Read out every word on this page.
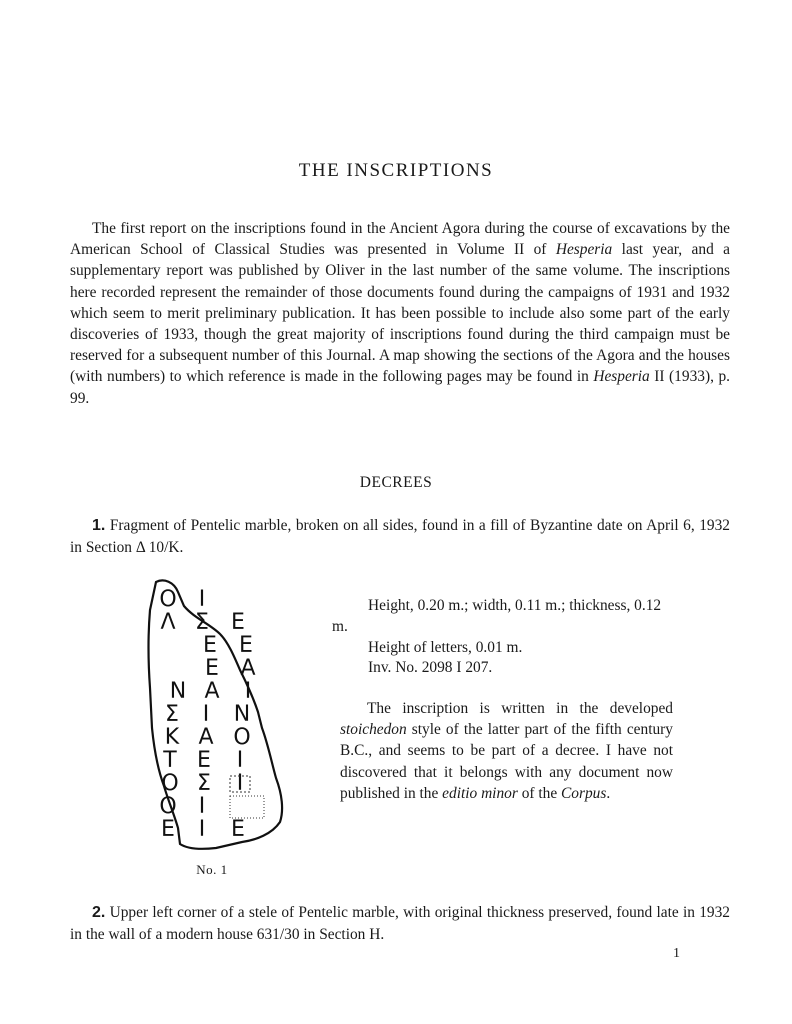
THE INSCRIPTIONS

The first report on the inscriptions found in the Ancient Agora during the course of excavations by the American School of Classical Studies was presented in Volume II of Hesperia last year, and a supplementary report was published by Oliver in the last number of the same volume. The inscriptions here recorded represent the remainder of those documents found during the campaigns of 1931 and 1932 which seem to merit preliminary publication. It has been possible to include also some part of the early discoveries of 1933, though the great majority of inscriptions found during the third campaign must be reserved for a subsequent number of this Journal. A map showing the sections of the Agora and the houses (with numbers) to which reference is made in the following pages may be found in Hesperia II (1933), p. 99.

DECREES

1. Fragment of Pentelic marble, broken on all sides, found in a fill of Byzantine date on April 6, 1932 in Section Δ 10/K.

Ο Ι
Λ Σ Ε
Ε Ε
Ε Α
Ν Α Ι
Σ Ι Ν
Κ Α Ο
Τ Ε Ι
Ο Σ Ι
Ο Ι
Ε Ι Ε

Height, 0.20 m.; width, 0.11 m.; thickness, 0.12 m.

Height of letters, 0.01 m.

Inv. No. 2098 I 207.

The inscription is written in the developed stoichedon style of the latter part of the fifth century B.C., and seems to be part of a decree. I have not discovered that it belongs with any document now published in the editio minor of the Corpus.

No. 1

2. Upper left corner of a stele of Pentelic marble, with original thickness preserved, found late in 1932 in the wall of a modern house 631/30 in Section H.

1
